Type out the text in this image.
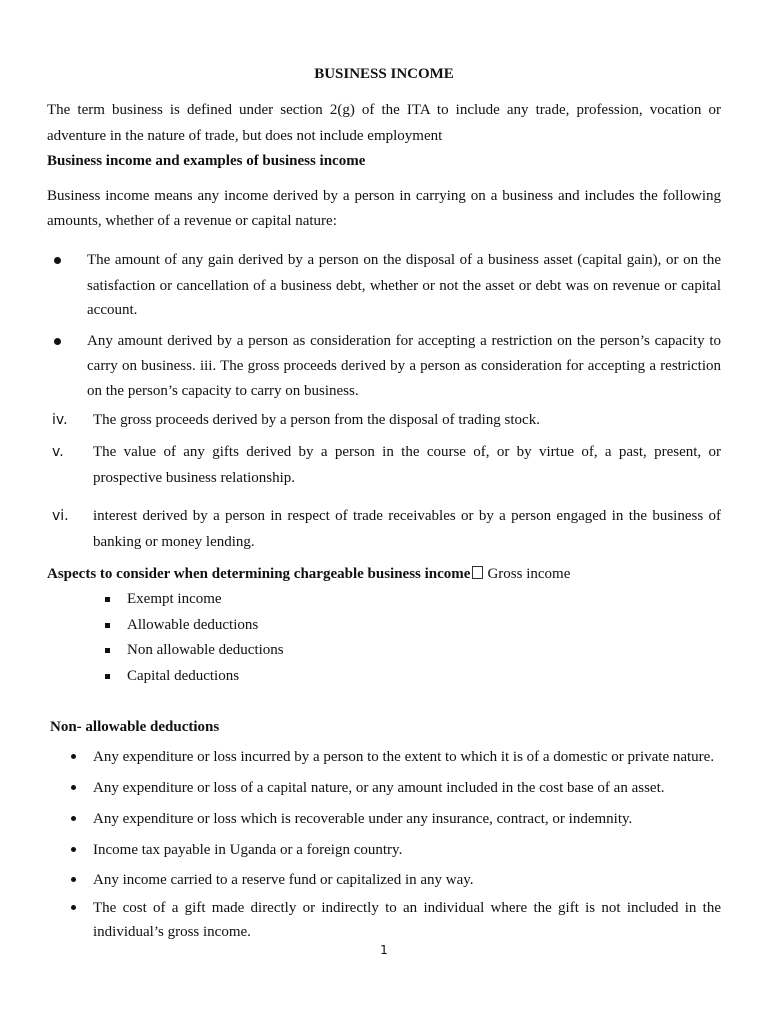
BUSINESS INCOME
The term business is defined under section 2(g) of the ITA to include any trade, profession, vocation or
adventure in the nature of trade, but does not include employment
Business income and examples of business income
Business income means any income derived by a person in carrying on a business and includes the following
amounts, whether of a revenue or capital nature:
The amount of any gain derived by a person on the disposal of a business asset (capital gain), or on the
satisfaction or cancellation of a business debt, whether or not the asset or debt was on revenue or capital
account.
Any amount derived by a person as consideration for accepting a restriction on the person’s capacity to
carry on business. iii. The gross proceeds derived by a person as consideration for accepting a restriction
on the person’s capacity to carry on business.
iv. The gross proceeds derived by a person from the disposal of trading stock.
v. The value of any gifts derived by a person in the course of, or by virtue of, a past, present, or
prospective business relationship.
vi. interest derived by a person in respect of trade receivables or by a person engaged in the business of
banking or money lending.
Aspects to consider when determining chargeable business income Gross income
Exempt income
Allowable deductions
Non allowable deductions
Capital deductions
Non- allowable deductions
Any expenditure or loss incurred by a person to the extent to which it is of a domestic or private nature.
Any expenditure or loss of a capital nature, or any amount included in the cost base of an asset.
Any expenditure or loss which is recoverable under any insurance, contract, or indemnity.
Income tax payable in Uganda or a foreign country.
Any income carried to a reserve fund or capitalized in any way.
The cost of a gift made directly or indirectly to an individual where the gift is not included in the
individual’s gross income.
1
